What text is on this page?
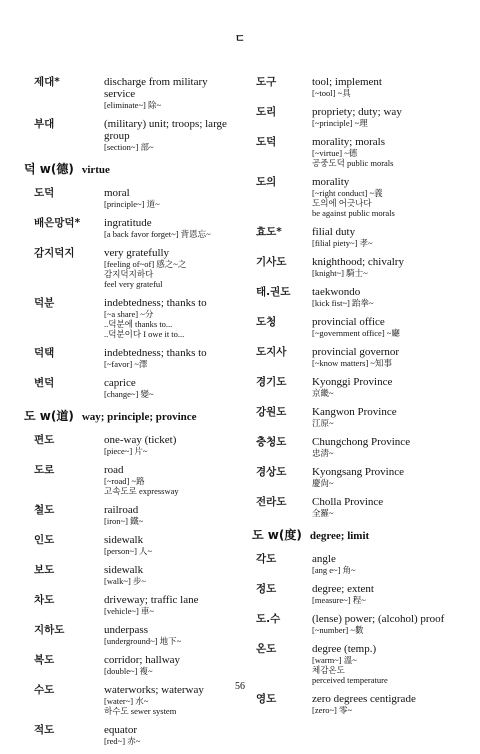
ㄷ
제대*	discharge from military service
[eliminate~] 除~
부대	(military) unit; troops; large group
[section~] 部~
덕 w(德) virtue
도덕	moral
[principle~] 道~
배은망덕*	ingratitude
[a back favor forget~] 背恩忘~
감지덕지	very gratefully
[feeling of~of] 感之~之
감지덕지하다
feel very grateful
덕분	indebtedness; thanks to
[~a share] ~分
..덕분에 thanks to...
..덕분이다 I owe it to...
덕택	indebtedness; thanks to
[~favor] ~澤
변덕	caprice
[change~] 變~
도 w(道) way; principle; province
편도	one-way (ticket)
[piece~] 片~
도로	road
[~road] ~路
고속도로 expressway
철도	railroad
[iron~] 鐵~
인도	sidewalk
[person~] 人~
보도	sidewalk
[walk~] 步~
차도	driveway; traffic lane
[vehicle~] 車~
지하도	underpass
[underground~] 地下~
복도	corridor; hallway
[double~] 複~
수도	waterworks; waterway
[water~] 水~
하수도 sewer system
적도	equator
[red~] 赤~
도구	tool; implement
[~tool] ~具
도리	propriety; duty; way
[~principle] ~理
도덕	morality; morals
[~virtue] ~德
공중도덕 public morals
도의	morality
[~right conduct] ~義
도의에 어긋나다
be against public morals
효도*	filial duty
[filial piety~] 孝~
기사도	knighthood; chivalry
[knight~] 騎士~
태.권도	taekwondo
[kick fist~] 跆拳~
도청	provincial office
[~government office] ~廳
도지사	provincial governor
[~know matters] ~知事
경기도	Kyonggi Province
京畿~
강원도	Kangwon Province
江原~
충청도	Chungchong Province
忠淸~
경상도	Kyongsang Province
慶尙~
전라도	Cholla Province
全羅~
도 w(度) degree; limit
각도	angle
[ang e~] 角~
정도	degree; extent
[measure~] 程~
도.수	(lense) power; (alcohol) proof
[~number] ~數
온도	degree (temp.)
[warm~] 溫~
체감온도
perceived temperature
영도	zero degrees centigrade
[zero~] 零~
56
